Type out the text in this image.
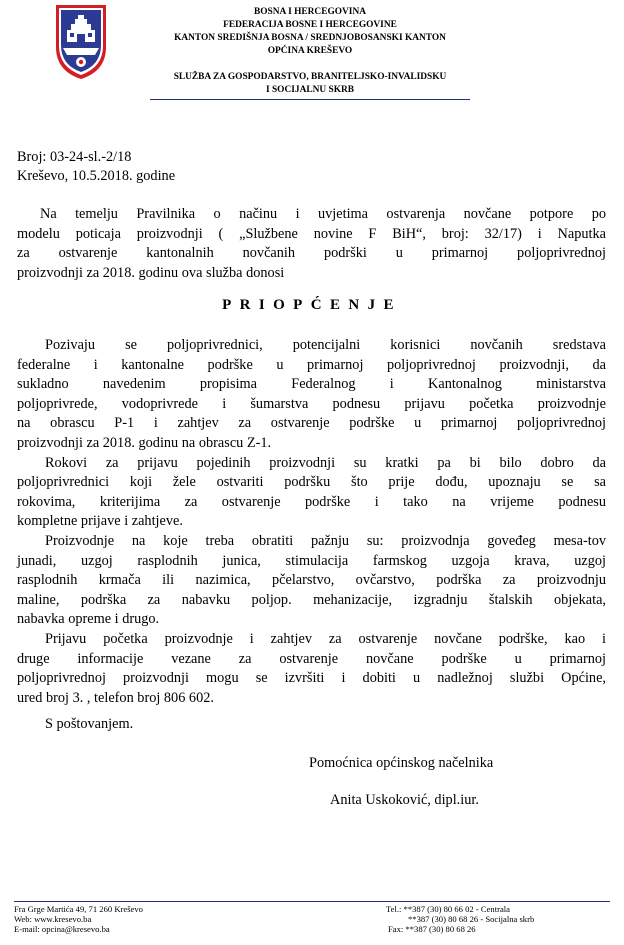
BOSNA I HERCEGOVINA
FEDERACIJA BOSNE I HERCEGOVINE
KANTON SREDIŠNJA BOSNA / SREDNJOBOSANSKI KANTON
OPĆINA KREŠEVO
SLUŽBA ZA GOSPODARSTVO, BRANITELJSKO-INVALIDSKU
I SOCIJALNU SKRB
Broj: 03-24-sl.-2/18
Kreševo, 10.5.2018. godine
Na temelju Pravilnika o načinu i uvjetima ostvarenja novčane potpore po
modelu poticaja proizvodnji ( „Službene novine F BiH“, broj: 32/17) i Naputka
za ostvarenje kantonalnih novčanih podrški u primarnoj poljoprivrednoj
proizvodnji za 2018. godinu ova služba donosi
PRIOPĆENJE
Pozivaju se poljoprivrednici, potencijalni korisnici novčanih sredstava
federalne i kantonalne podrške u primarnoj poljoprivrednoj proizvodnji, da
sukladno navedenim propisima Federalnog i Kantonalnog ministarstva
poljoprivrede, vodoprivrede i šumarstva podnesu prijavu početka proizvodnje
na obrascu P-1 i zahtjev za ostvarenje podrške u primarnoj poljoprivrednoj
proizvodnji za 2018. godinu na obrascu Z-1.
Rokovi za prijavu pojedinih proizvodnji su kratki pa bi bilo dobro da
poljoprivrednici koji žele ostvariti podršku što prije dođu, upoznaju se sa
rokovima, kriterijima za ostvarenje podrške i tako na vrijeme podnesu
kompletne prijave i zahtjeve.
Proizvodnje na koje treba obratiti pažnju su: proizvodnja goveđeg mesa-tov
junadi, uzgoj rasplodnih junica, stimulacija farmskog uzgoja krava, uzgoj
rasplodnih krmača ili nazimica, pčelarstvo, ovčarstvo, podrška za proizvodnju
maline, podrška za nabavku poljop. mehanizacije, izgradnju štalskih objekata,
nabavka opreme i drugo.
Prijavu početka proizvodnje i zahtjev za ostvarenje novčane podrške, kao i
druge informacije vezane za ostvarenje novčane podrške u primarnoj
poljoprivrednoj proizvodnji mogu se izvršiti i dobiti u nadležnoj službi Općine,
ured broj 3. , telefon broj 806 602.
S poštovanjem.
Pomoćnica općinskog načelnika
Anita Uskoković, dipl.iur.
Fra Grge Martića 49, 71 260 Kreševo
Web: www.kresevo.ba
E-mail: opcina@kresevo.ba
Tel.: **387 (30) 80 66 02 - Centrala
**387 (30) 80 68 26 - Socijalna skrb
Fax: **387 (30) 80 68 26
